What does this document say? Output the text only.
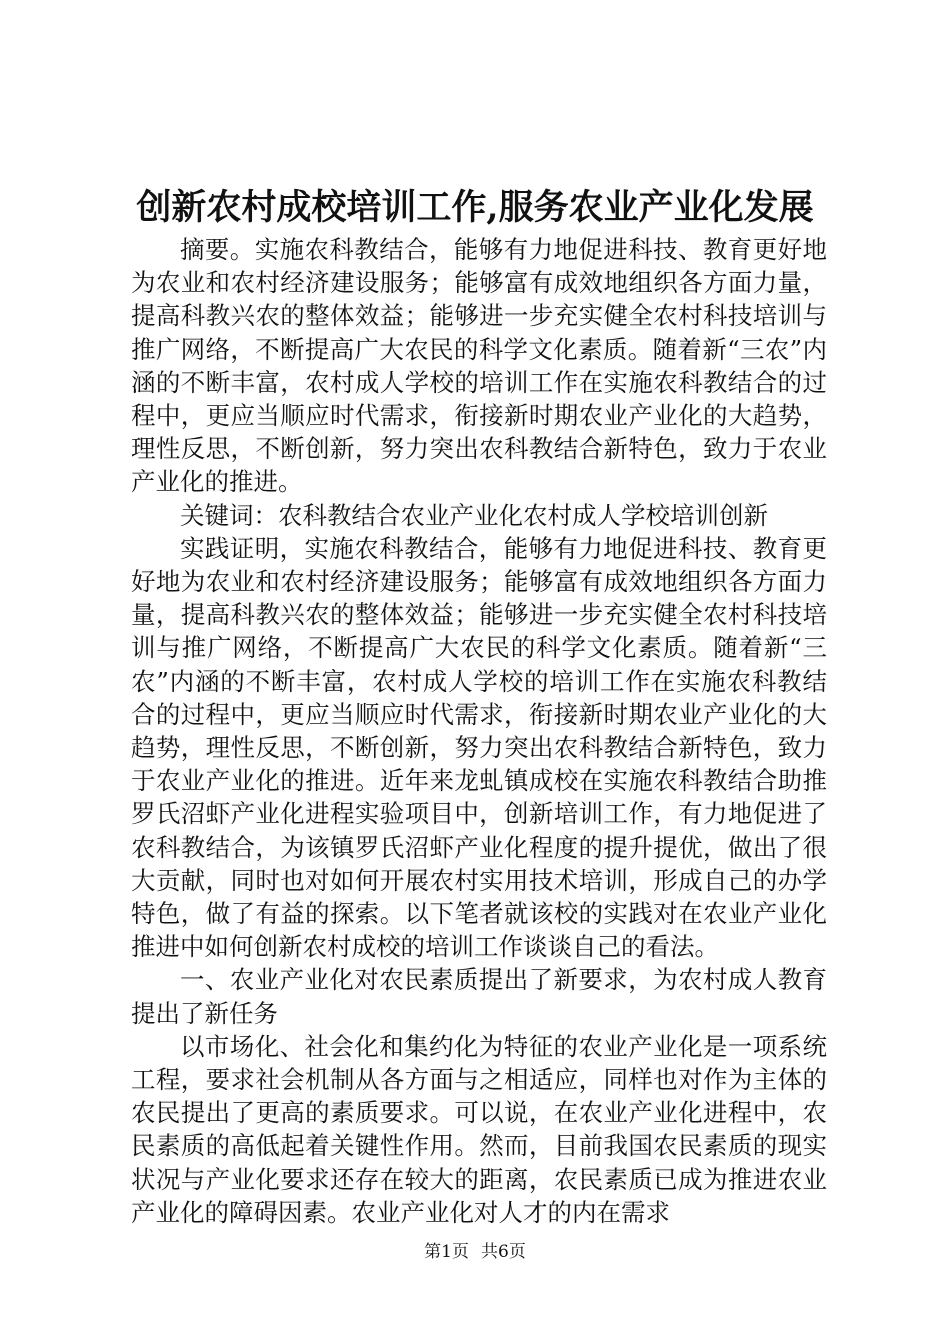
创新农村成校培训工作,服务农业产业化发展

摘要。实施农科教结合，能够有力地促进科技、教育更好地为农业和农村经济建设服务；能够富有成效地组织各方面力量，提高科教兴农的整体效益；能够进一步充实健全农村科技培训与推广网络，不断提高广大农民的科学文化素质。随着新“三农”内涵的不断丰富，农村成人学校的培训工作在实施农科教结合的过程中，更应当顺应时代需求，衔接新时期农业产业化的大趋势，理性反思，不断创新，努力突出农科教结合新特色，致力于农业产业化的推进。

关键词：农科教结合农业产业化农村成人学校培训创新

实践证明，实施农科教结合，能够有力地促进科技、教育更好地为农业和农村经济建设服务；能够富有成效地组织各方面力量，提高科教兴农的整体效益；能够进一步充实健全农村科技培训与推广网络，不断提高广大农民的科学文化素质。随着新“三农”内涵的不断丰富，农村成人学校的培训工作在实施农科教结合的过程中，更应当顺应时代需求，衔接新时期农业产业化的大趋势，理性反思，不断创新，努力突出农科教结合新特色，致力于农业产业化的推进。近年来龙虬镇成校在实施农科教结合助推罗氏沼虾产业化进程实验项目中，创新培训工作，有力地促进了农科教结合，为该镇罗氏沼虾产业化程度的提升提优，做出了很大贡献，同时也对如何开展农村实用技术培训，形成自己的办学特色，做了有益的探索。以下笔者就该校的实践对在农业产业化推进中如何创新农村成校的培训工作谈谈自己的看法。

一、农业产业化对农民素质提出了新要求，为农村成人教育提出了新任务

以市场化、社会化和集约化为特征的农业产业化是一项系统工程，要求社会机制从各方面与之相适应，同样也对作为主体的农民提出了更高的素质要求。可以说，在农业产业化进程中，农民素质的高低起着关键性作用。然而，目前我国农民素质的现实状况与产业化要求还存在较大的距离，农民素质已成为推进农业产业化的障碍因素。农业产业化对人才的内在需求

第1页 共6页
